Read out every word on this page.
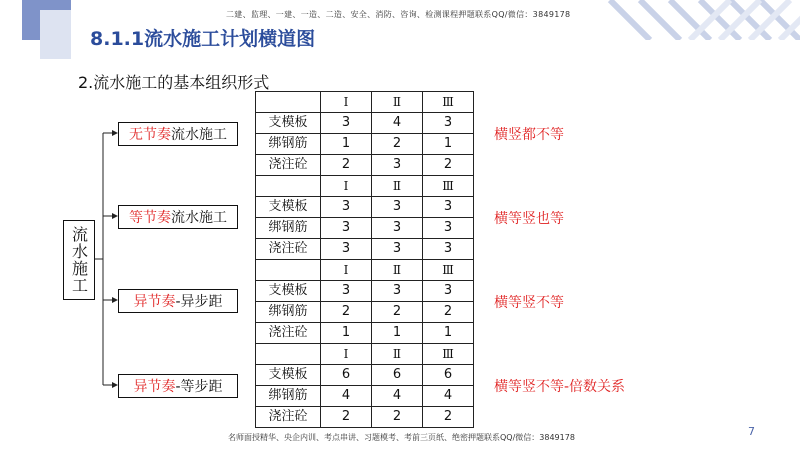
二建、监理、一建、一造、二造、安全、消防、咨询、检测课程押题联系QQ/微信：3849178
8.1.1流水施工计划横道图
2.流水施工的基本组织形式
流水施工
无节奏 流水施工
等节奏 流水施工
异节奏 -异步距
异节奏 -等步距
	Ⅰ	Ⅱ	Ⅲ
支模板	3	4	3
绑钢筋	1	2	1
浇注砼	2	3	2
横竖都不等
	Ⅰ	Ⅱ	Ⅲ
支模板	3	3	3
绑钢筋	3	3	3
浇注砼	3	3	3
横等竖也等
	Ⅰ	Ⅱ	Ⅲ
支模板	3	3	3
绑钢筋	2	2	2
浇注砼	1	1	1
横等竖不等
	Ⅰ	Ⅱ	Ⅲ
支模板	6	6	6
绑钢筋	4	4	4
浇注砼	2	2	2
横等竖不等-倍数关系
名师面授精华、央企内训、考点串讲、习题模考、考前三页纸、绝密押题联系QQ/微信：3849178	7
